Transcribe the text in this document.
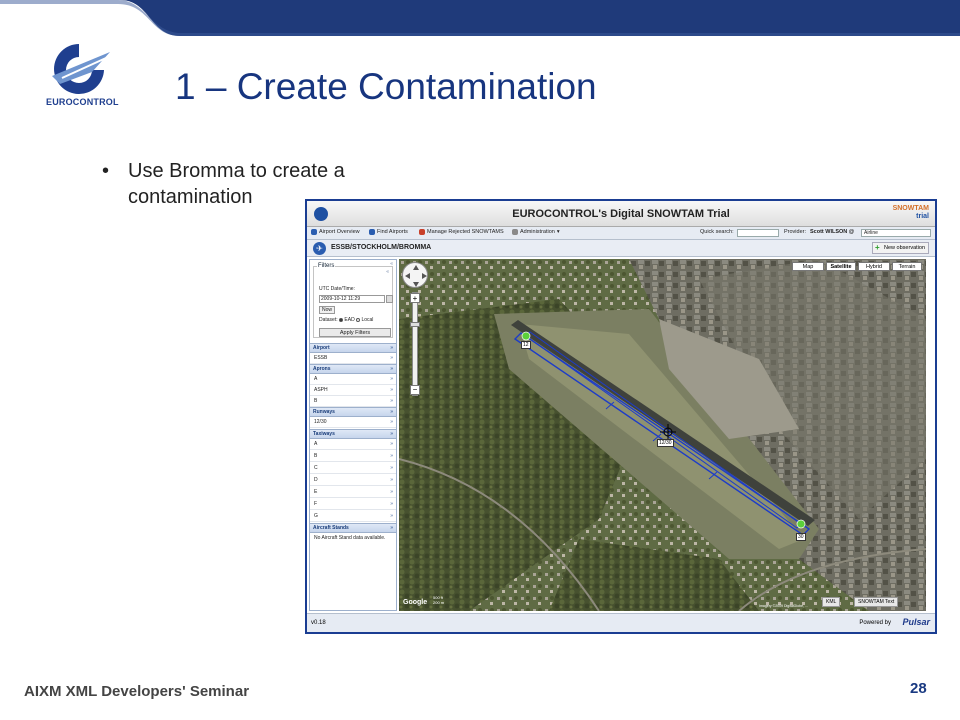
EUROCONTROL 1 – Create Contamination
• Use Bromma to create a contamination
EUROCONTROL's Digital SNOWTAM Trial	SNOWTAM
trial
Airport Overview	Find Airports	Manage Rejected SNOWTAMS	Administration ▾	Quick search:	Provider: Scott WILSON @	Airline
✈	ESSB/STOCKHOLM/BROMMA	+ New observation
«
Filters
«
UTC Date/Time:
2009-10-12 11:29
Now
Dataset: EAD Local
Apply Filters
Airport	»
ESSB	»
Aprons	»
A	»
ASPH	»
B	»
Runways	»
12/30	»
Taxiways	»
A	»
B	»
C	»
D	»
E	»
F	»
G	»
Aircraft Stands	»
No Aircraft Stand data available.
12
12/30
30
Map	Satellite	Hybrid	Terrain
+
−
Google
500 ft
200 m
Imagery ©2009 DigitalGlobe, ...
KML	SNOWTAM Text
v0.18	Powered by Pulsar
AIXM XML Developers' Seminar	28
